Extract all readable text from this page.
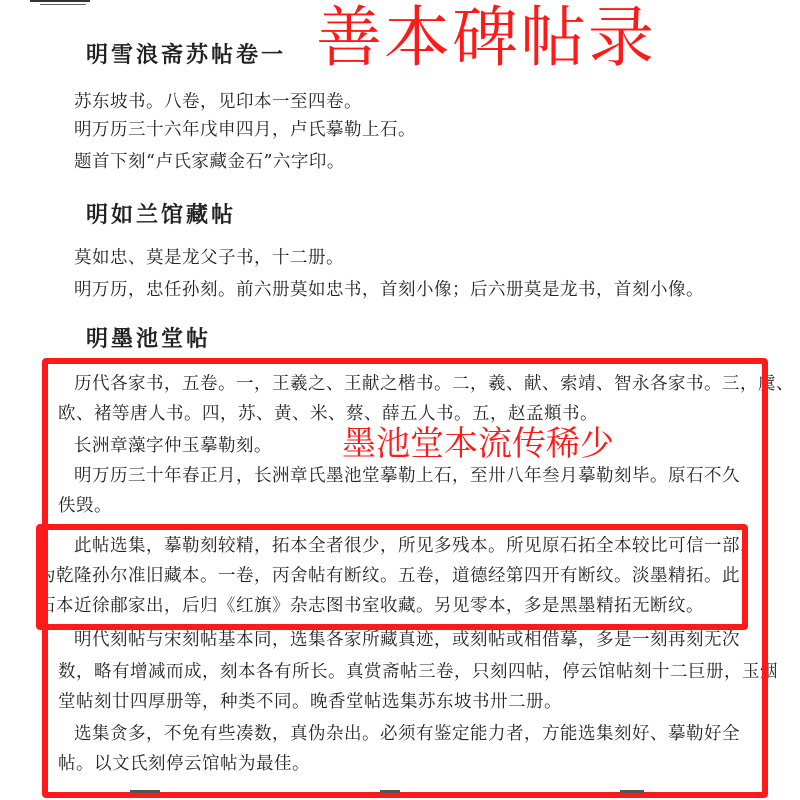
善本碑帖录
明雪浪斋苏帖卷一
苏东坡书。八卷，见印本一至四卷。
明万历三十六年戊申四月，卢氏摹勒上石。
题首下刻“卢氏家藏金石”六字印。
明如兰馆藏帖
莫如忠、莫是龙父子书，十二册。
明万历，忠任孙刻。前六册莫如忠书，首刻小像；后六册莫是龙书，首刻小像。
明墨池堂帖
历代各家书，五卷。一，王羲之、王献之楷书。二，羲、献、索靖、智永各家书。三，虞、
欧、褚等唐人书。四，苏、黄、米、蔡、薛五人书。五，赵孟頫书。
长洲章藻字仲玉摹勒刻。
明万历三十年春正月，长洲章氏墨池堂摹勒上石，至卅八年叁月摹勒刻毕。原石不久
佚毁。
此帖选集，摹勒刻较精，拓本全者很少，所见多残本。所见原石拓全本较比可信一部，
为乾隆孙尔准旧藏本。一卷，丙舍帖有断纹。五卷，道德经第四开有断纹。淡墨精拓。此
石本近徐郙家出，后归《红旗》杂志图书室收藏。另见零本，多是黑墨精拓无断纹。
明代刻帖与宋刻帖基本同，选集各家所藏真迹，或刻帖或相借摹，多是一刻再刻无次
数，略有增减而成，刻本各有所长。真赏斋帖三卷，只刻四帖，停云馆帖刻十二巨册，玉烟
堂帖刻廿四厚册等，种类不同。晚香堂帖选集苏东坡书卅二册。
选集贪多，不免有些凑数，真伪杂出。必须有鉴定能力者，方能选集刻好、摹勒好全
帖。以文氏刻停云馆帖为最佳。
墨池堂本流传稀少
